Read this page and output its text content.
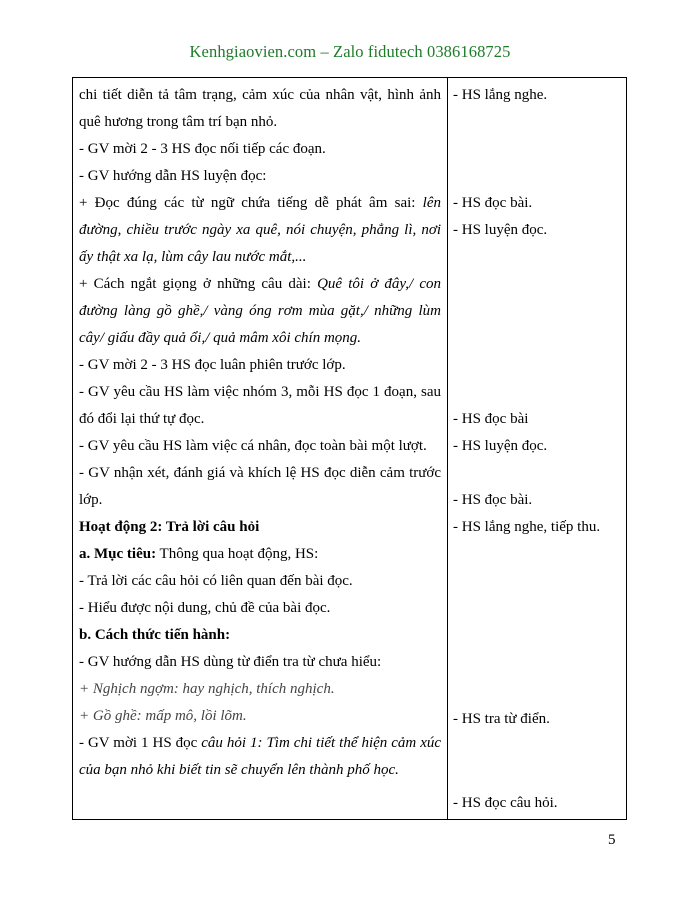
Kenhgiaovien.com – Zalo fidutech 0386168725
chi tiết diễn tả tâm trạng, cảm xúc của nhân vật, hình ảnh
quê hương trong tâm trí bạn nhỏ.
- GV mời 2 - 3 HS đọc nối tiếp các đoạn.
- GV hướng dẫn HS luyện đọc:
+ Đọc đúng các từ ngữ chứa tiếng dễ phát âm sai: lên
đường, chiều trước ngày xa quê, nói chuyện, phẳng lì, nơi
ấy thật xa lạ, lùm cây lau nước mắt,...
+ Cách ngắt giọng ở những câu dài: Quê tôi ở đây,/ con
đường làng gồ ghề,/ vàng óng rơm mùa gặt,/ những lùm
cây/ giấu đầy quả ổi,/ quả mâm xôi chín mọng.
- GV mời 2 - 3 HS đọc luân phiên trước lớp.
- GV yêu cầu HS làm việc nhóm 3, mỗi HS đọc 1 đoạn, sau
đó đổi lại thứ tự đọc.
- GV yêu cầu HS làm việc cá nhân, đọc toàn bài một lượt.
- GV nhận xét, đánh giá và khích lệ HS đọc diễn cảm trước
lớp.
Hoạt động 2: Trả lời câu hỏi
a. Mục tiêu: Thông qua hoạt động, HS:
- Trả lời các câu hỏi có liên quan đến bài đọc.
- Hiểu được nội dung, chủ đề của bài đọc.
b. Cách thức tiến hành:
- GV hướng dẫn HS dùng từ điển tra từ chưa hiểu:
+ Nghịch ngợm: hay nghịch, thích nghịch.
+ Gồ ghề: mấp mô, lồi lõm.
- GV mời 1 HS đọc câu hỏi 1: Tìm chi tiết thể hiện cảm xúc
của bạn nhỏ khi biết tin sẽ chuyển lên thành phố học.
- HS lắng nghe.
- HS đọc bài.
- HS luyện đọc.
- HS đọc bài
- HS luyện đọc.
- HS đọc bài.
- HS lắng nghe, tiếp thu.
- HS tra từ điển.
- HS đọc câu hỏi.
5
